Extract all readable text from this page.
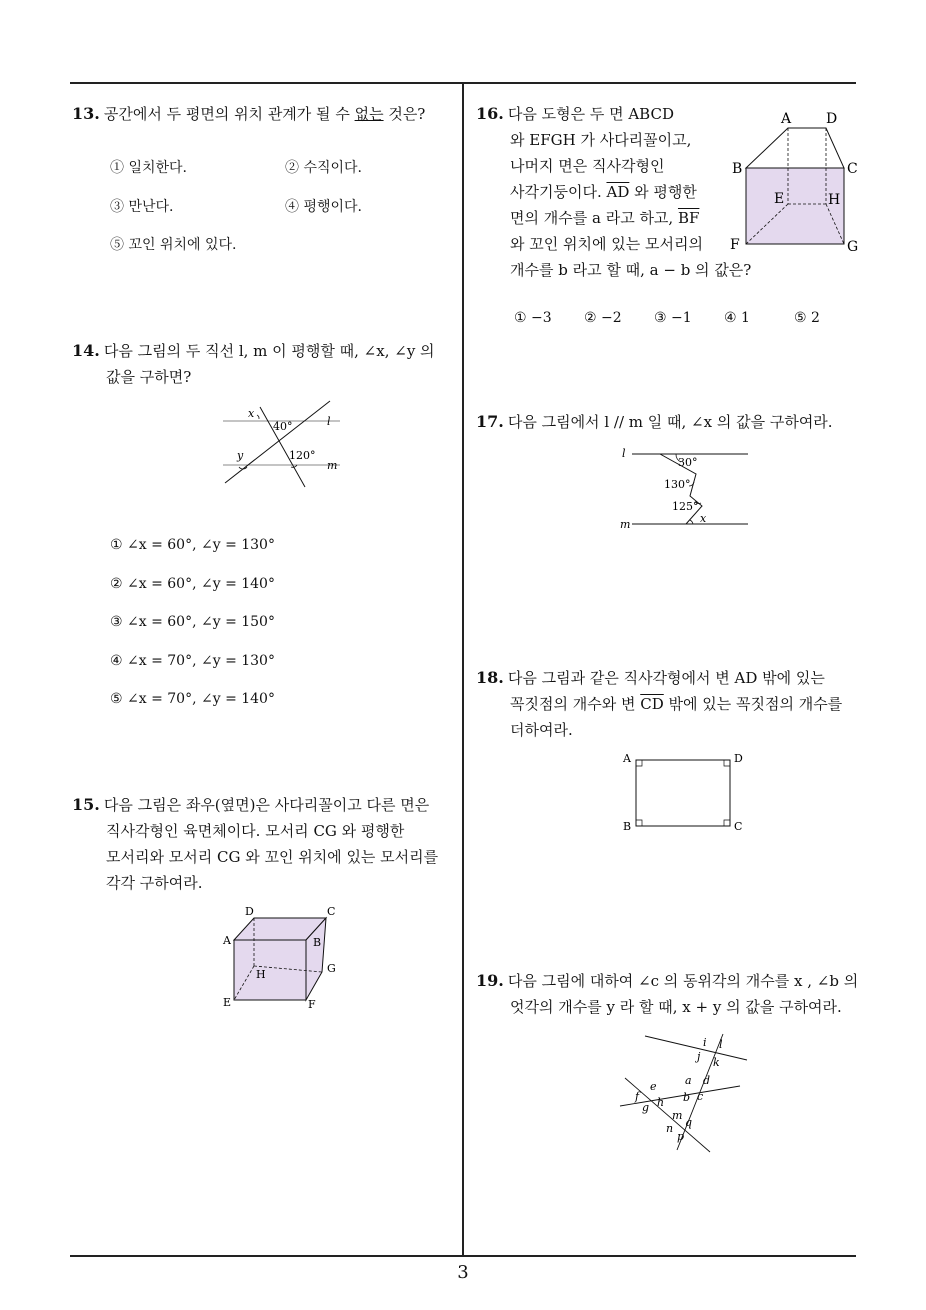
13. 공간에서 두 평면의 위치 관계가 될 수 없는 것은?
① 일치한다.	② 수직이다.
③ 만난다.	④ 평행이다.
⑤ 꼬인 위치에 있다.
14. 다음 그림의 두 직선 l, m 이 평행할 때, ∠x, ∠y 의
값을 구하면?
x
40°	l
y	120°
m
① ∠x = 60°, ∠y = 130°
② ∠x = 60°, ∠y = 140°
③ ∠x = 60°, ∠y = 150°
④ ∠x = 70°, ∠y = 130°
⑤ ∠x = 70°, ∠y = 140°
15. 다음 그림은 좌우(옆면)은 사다리꼴이고 다른 면은
직사각형인 육면체이다. 모서리 CG 와 평행한
모서리와 모서리 CG 와 꼬인 위치에 있는 모서리를
각각 구하여라.
D	C
A	B
G
H
E	F
16. 다음 도형은 두 면 ABCD
와 EFGH 가 사다리꼴이고,
나머지 면은 직사각형인
사각기둥이다. $\overline{AD}$ 와 평행한
면의 개수를 a 라고 하고, $\overline{BF}$
와 꼬인 위치에 있는 모서리의
개수를 b 라고 할 때, a − b 의 값은?
A D
B	C
E	H
F	G
① −3 ② −2 ③ −1 ④ 1	⑤ 2
17. 다음 그림에서 l // m 일 때, ∠x 의 값을 구하여라.
l
m
30°
130°
125°
x
18. 다음 그림과 같은 직사각형에서 변 AD 밖에 있는
꼭짓점의 개수와 변 $\overline{CD}$ 밖에 있는 꼭짓점의 개수를
더하여라.
A	D
B	C
19. 다음 그림에 대하여 ∠c 의 동위각의 개수를 x , ∠b 의
엇각의 개수를 y 라 할 때, x + y 의 값을 구하여라.
i l
j k
a d
b c
e
f
g h
m
q
n
p
3
